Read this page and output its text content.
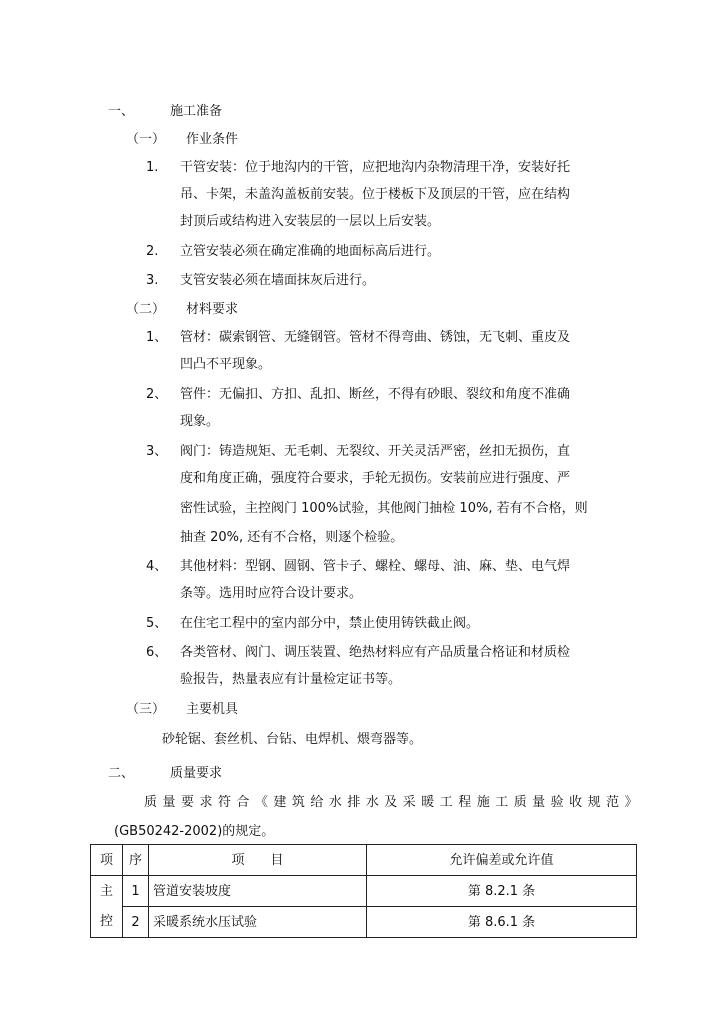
一、	施工准备
（一） 作业条件
1. 干管安装：位于地沟内的干管，应把地沟内杂物清理干净，安装好托
吊、卡架，未盖沟盖板前安装。位于楼板下及顶层的干管，应在结构
封顶后或结构进入安装层的一层以上后安装。
2. 立管安装必须在确定准确的地面标高后进行。
3. 支管安装必须在墙面抹灰后进行。
（二） 材料要求
1、 管材：碳索钢管、无缝钢管。管材不得弯曲、锈蚀，无飞刺、重皮及
凹凸不平现象。
2、 管件：无偏扣、方扣、乱扣、断丝，不得有砂眼、裂纹和角度不准确
现象。
3、 阀门：铸造规矩、无毛刺、无裂纹、开关灵活严密，丝扣无损伤，直
度和角度正确，强度符合要求，手轮无损伤。安装前应进行强度、严
密性试验，主控阀门 100%试验，其他阀门抽检 10%, 若有不合格，则
抽查 20%, 还有不合格，则逐个检验。
4、 其他材料：型钢、圆钢、管卡子、螺栓、螺母、油、麻、垫、电气焊
条等。选用时应符合设计要求。
5、 在住宅工程中的室内部分中，禁止使用铸铁截止阀。
6、 各类管材、阀门、调压装置、绝热材料应有产品质量合格证和材质检
验报告，热量表应有计量检定证书等。
（三） 主要机具
砂轮锯、套丝机、台钻、电焊机、煨弯器等。
二、	质量要求
质 量 要 求 符 合 《 建 筑 给 水 排 水 及 采 暖 工 程 施 工 质 量 验 收 规 范 》
(GB50242-2002)的规定。
项	序	项　　目	允许偏差或允许值
主	1	管道安装坡度	第 8.2.1 条
控	2	采暖系统水压试验	第 8.6.1 条
